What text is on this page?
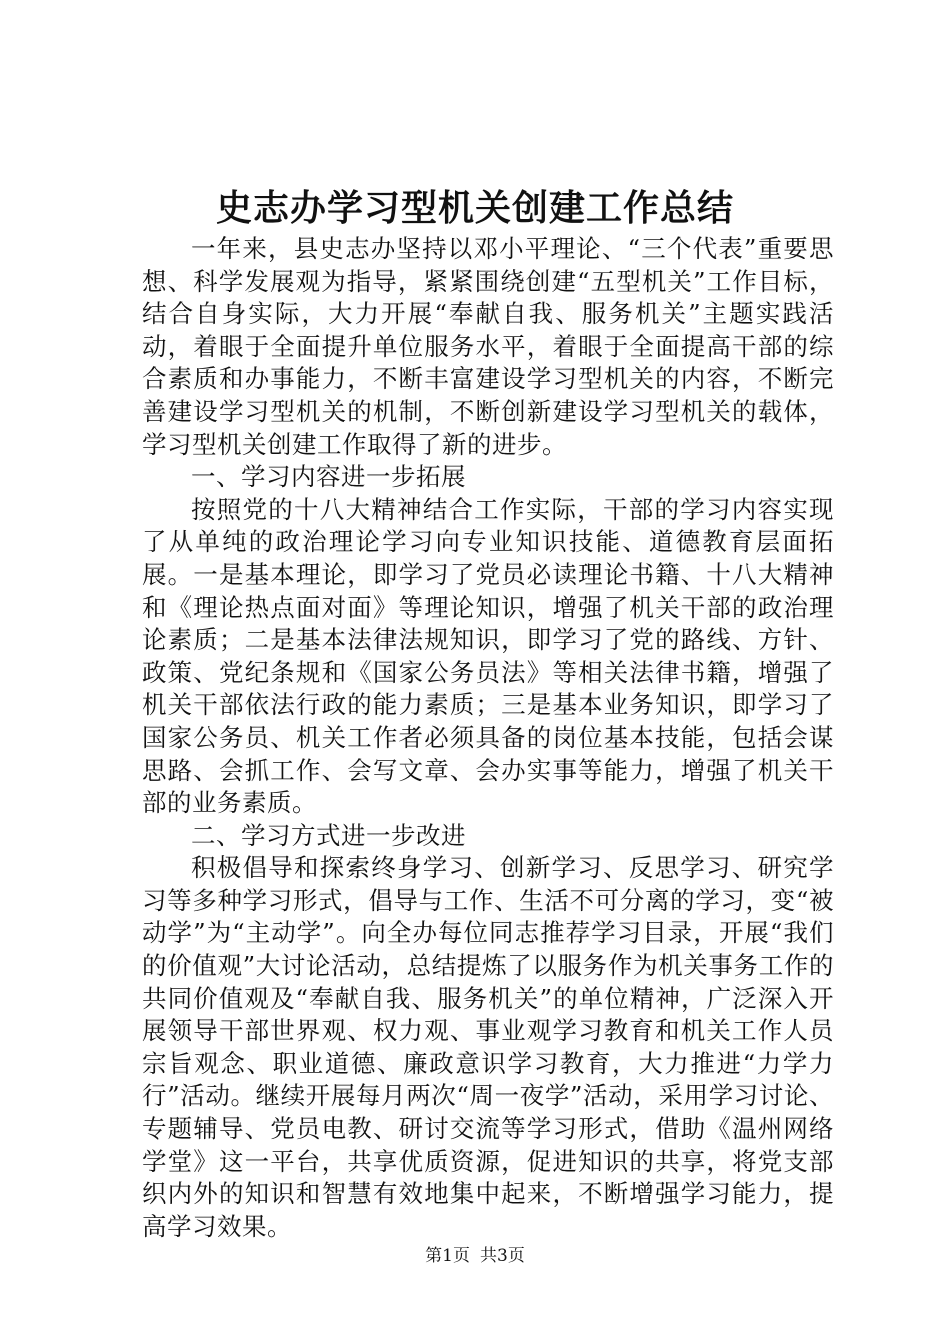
史志办学习型机关创建工作总结

一年来，县史志办坚持以邓小平理论、“三个代表”重要思想、科学发展观为指导，紧紧围绕创建“五型机关”工作目标，结合自身实际，大力开展“奉献自我、服务机关”主题实践活动，着眼于全面提升单位服务水平，着眼于全面提高干部的综合素质和办事能力，不断丰富建设学习型机关的内容，不断完善建设学习型机关的机制，不断创新建设学习型机关的载体，学习型机关创建工作取得了新的进步。

一、学习内容进一步拓展

按照党的十八大精神结合工作实际，干部的学习内容实现了从单纯的政治理论学习向专业知识技能、道德教育层面拓展。一是基本理论，即学习了党员必读理论书籍、十八大精神和《理论热点面对面》等理论知识，增强了机关干部的政治理论素质；二是基本法律法规知识，即学习了党的路线、方针、政策、党纪条规和《国家公务员法》等相关法律书籍，增强了机关干部依法行政的能力素质；三是基本业务知识，即学习了国家公务员、机关工作者必须具备的岗位基本技能，包括会谋思路、会抓工作、会写文章、会办实事等能力，增强了机关干部的业务素质。

二、学习方式进一步改进

积极倡导和探索终身学习、创新学习、反思学习、研究学习等多种学习形式，倡导与工作、生活不可分离的学习，变“被动学”为“主动学”。向全办每位同志推荐学习目录，开展“我们的价值观”大讨论活动，总结提炼了以服务作为机关事务工作的共同价值观及“奉献自我、服务机关”的单位精神，广泛深入开展领导干部世界观、权力观、事业观学习教育和机关工作人员宗旨观念、职业道德、廉政意识学习教育，大力推进“力学力行”活动。继续开展每月两次“周一夜学”活动，采用学习讨论、专题辅导、党员电教、研讨交流等学习形式，借助《温州网络学堂》这一平台，共享优质资源，促进知识的共享，将党支部织内外的知识和智慧有效地集中起来，不断增强学习能力，提高学习效果。

第1页 共3页
